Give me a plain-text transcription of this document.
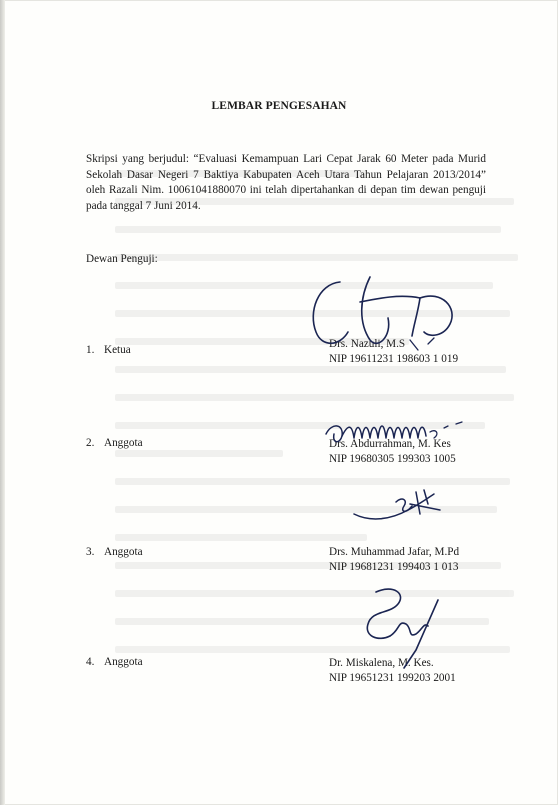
LEMBAR PENGESAHAN
Skripsi yang berjudul: “Evaluasi Kemampuan Lari Cepat Jarak 60 Meter pada Murid Sekolah Dasar Negeri 7 Baktiya Kabupaten Aceh Utara Tahun Pelajaran 2013/2014” oleh Razali Nim. 10061041880070 ini telah dipertahankan di depan tim dewan penguji pada tanggal 7 Juni 2014.
Dewan Penguji:
1. Ketua	Drs. Nazuli, M.S
NIP 19611231 198603 1 019
2. Anggota	Drs. Abdurrahman, M. Kes
NIP 19680305 199303 1005
3. Anggota	Drs. Muhammad Jafar, M.Pd
NIP 19681231 199403 1 013
4. Anggota	Dr. Miskalena, M. Kes.
NIP 19651231 199203 2001
